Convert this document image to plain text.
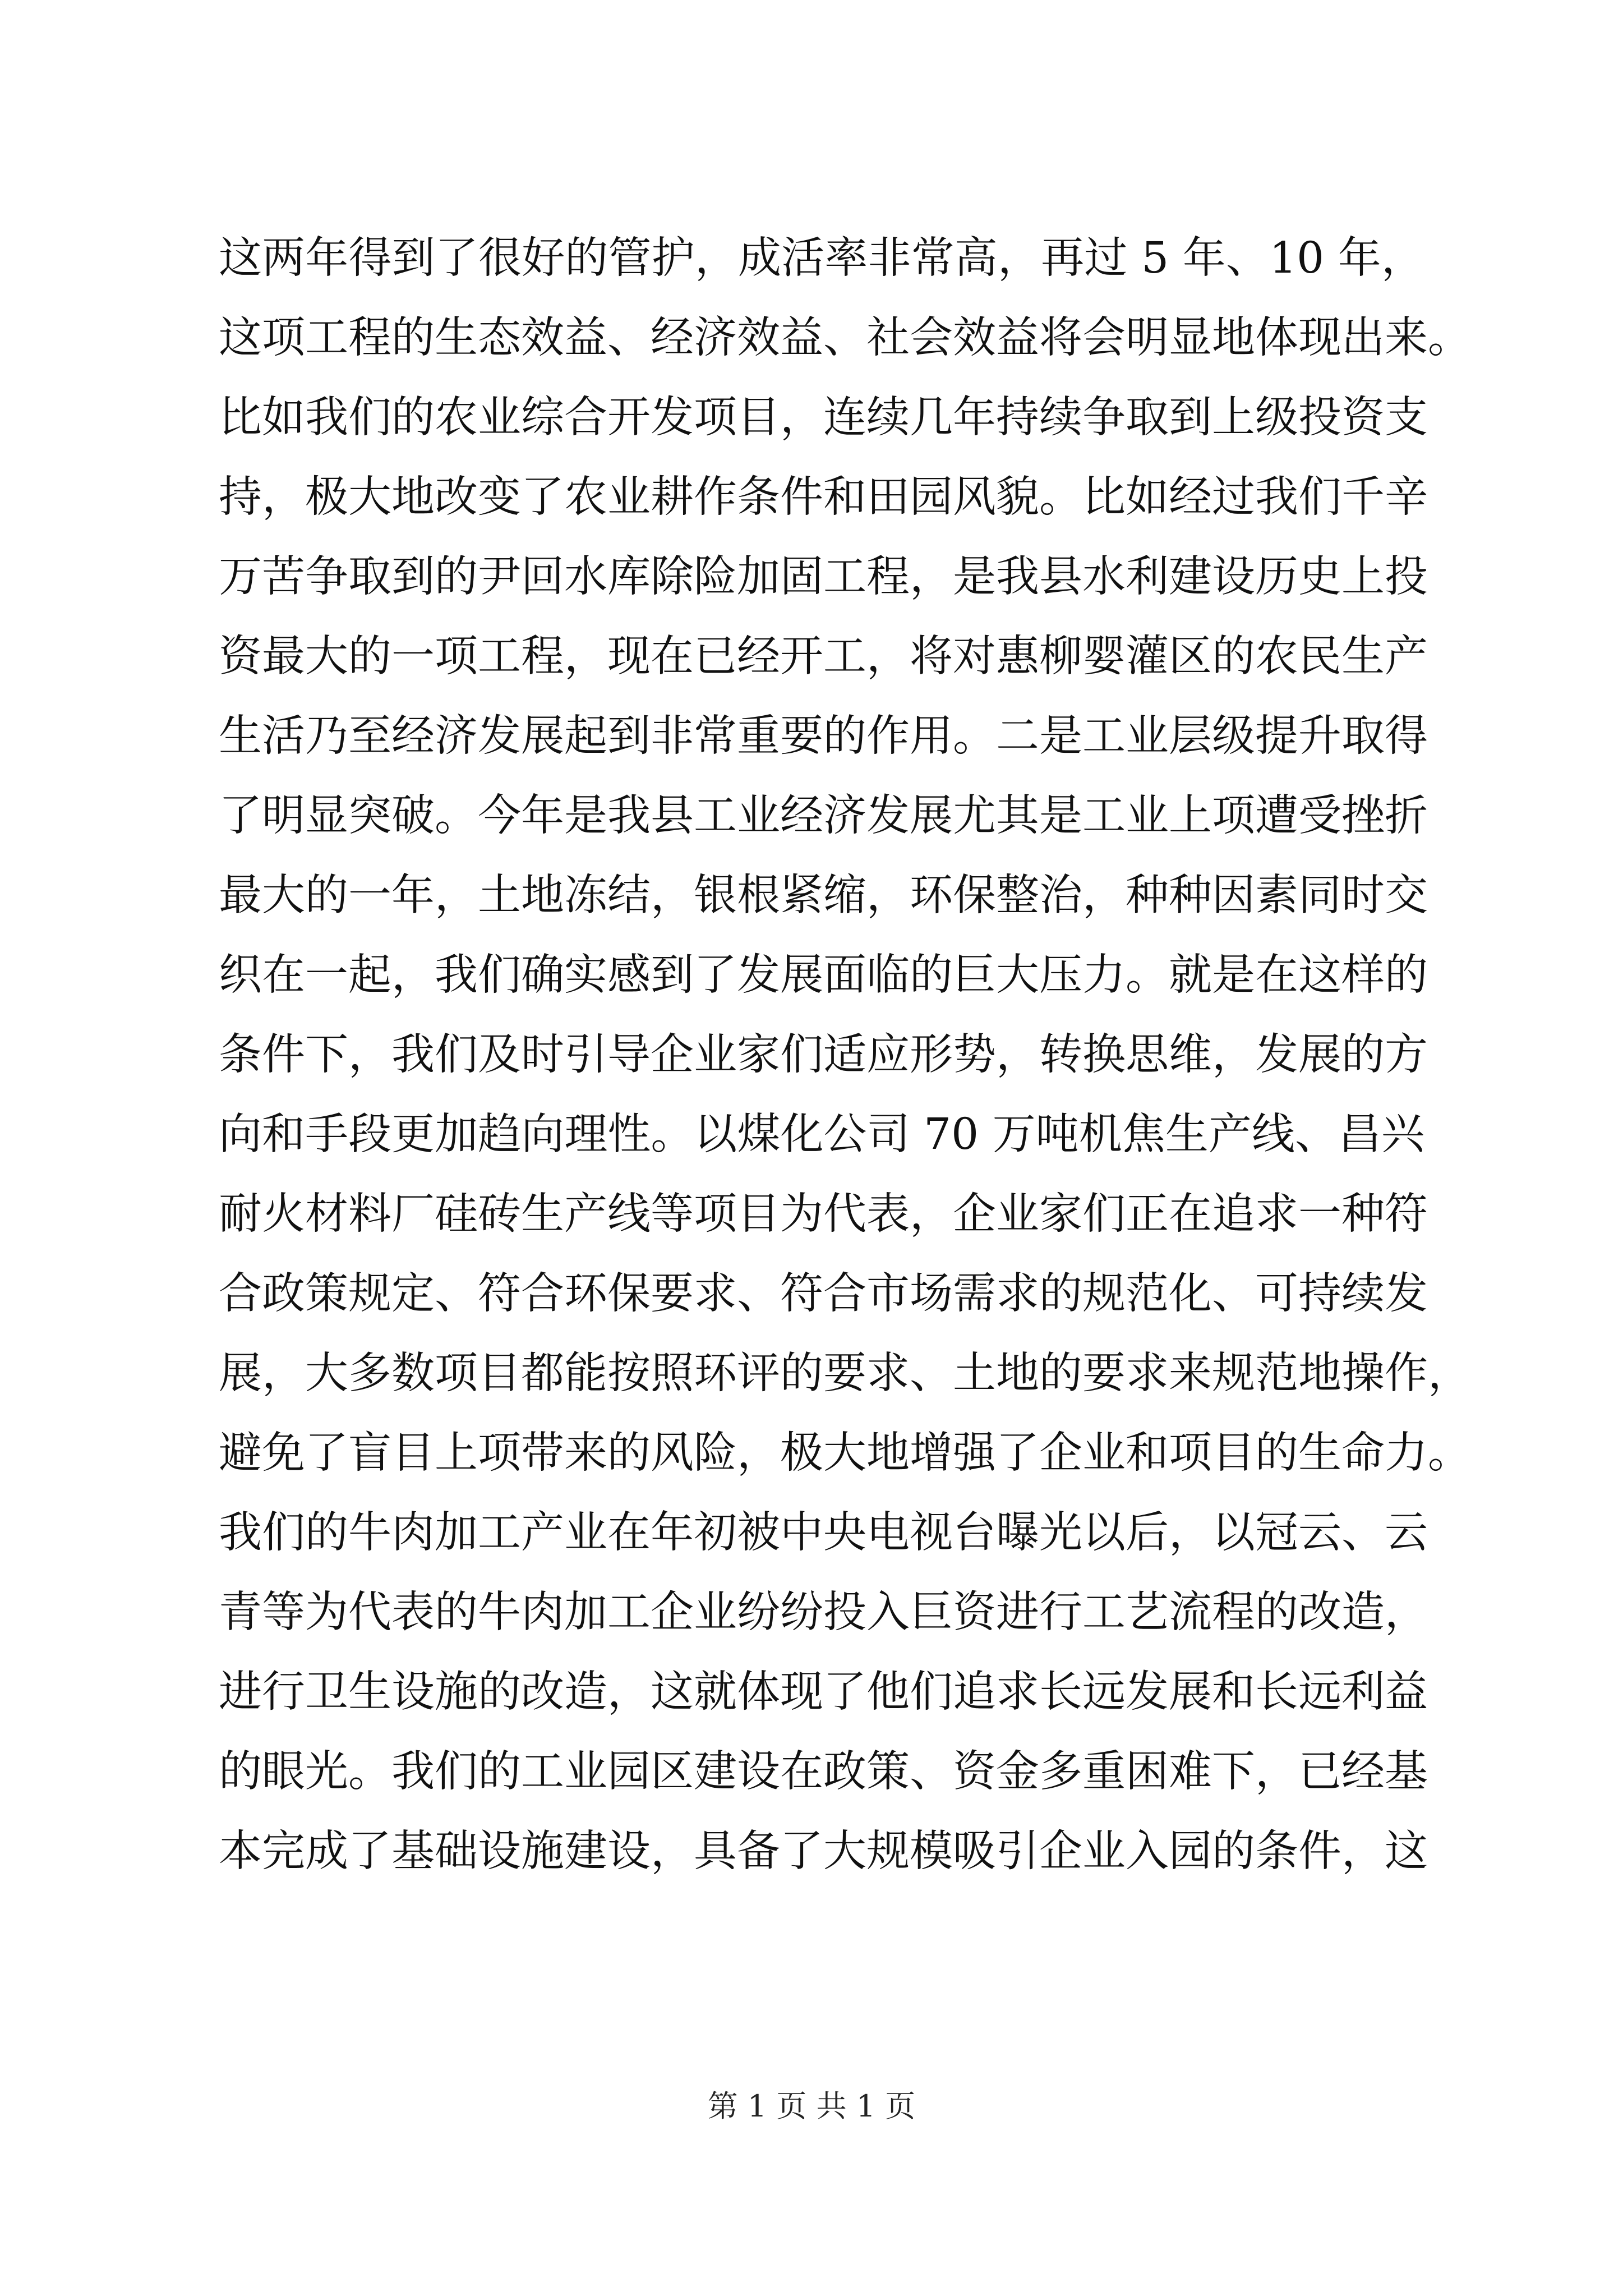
这两年得到了很好的管护，成活率非常高，再过 5 年、10 年，
这项工程的生态效益、经济效益、社会效益将会明显地体现出来。
比如我们的农业综合开发项目，连续几年持续争取到上级投资支
持，极大地改变了农业耕作条件和田园风貌。比如经过我们千辛
万苦争取到的尹回水库除险加固工程，是我县水利建设历史上投
资最大的一项工程，现在已经开工，将对惠柳婴灌区的农民生产
生活乃至经济发展起到非常重要的作用。二是工业层级提升取得
了明显突破。今年是我县工业经济发展尤其是工业上项遭受挫折
最大的一年，土地冻结，银根紧缩，环保整治，种种因素同时交
织在一起，我们确实感到了发展面临的巨大压力。就是在这样的
条件下，我们及时引导企业家们适应形势，转换思维，发展的方
向和手段更加趋向理性。以煤化公司 70 万吨机焦生产线、昌兴
耐火材料厂硅砖生产线等项目为代表，企业家们正在追求一种符
合政策规定、符合环保要求、符合市场需求的规范化、可持续发
展，大多数项目都能按照环评的要求、土地的要求来规范地操作，
避免了盲目上项带来的风险，极大地增强了企业和项目的生命力。
我们的牛肉加工产业在年初被中央电视台曝光以后，以冠云、云
青等为代表的牛肉加工企业纷纷投入巨资进行工艺流程的改造，
进行卫生设施的改造，这就体现了他们追求长远发展和长远利益
的眼光。我们的工业园区建设在政策、资金多重困难下，已经基
本完成了基础设施建设，具备了大规模吸引企业入园的条件，这
第 1 页 共 1 页
